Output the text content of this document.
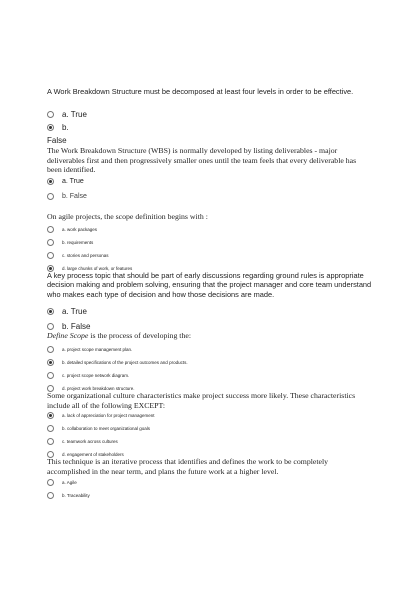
A Work Breakdown Structure must be decomposed at least four levels in order to be effective.
a. True
b.
False
The Work Breakdown Structure (WBS) is normally developed by listing deliverables - major deliverables first and then progressively smaller ones until the team feels that every deliverable has been identified.
a. True
b. False
On agile projects, the scope definition begins with :
a. work packages
b. requirements
c. stories and personas
d. large chunks of work, or features
A key process topic that should be part of early discussions regarding ground rules is appropriate decision making and problem solving, ensuring that the project manager and core team understand who makes each type of decision and how those decisions are made.
a. True
b. False
Define Scope is the process of developing the:
a. project scope management plan.
b. detailed specifications of the project outcomes and products.
c. project scope network diagram.
d. project work breakdown structure.
Some organizational culture characteristics make project success more likely. These characteristics include all of the following EXCEPT:
a. lack of appreciation for project management
b. collaboration to meet organizational goals
c. teamwork across cultures
d. engagement of stakeholders
This technique is an iterative process that identifies and defines the work to be completely accomplished in the near term, and plans the future work at a higher level.
a. Agile
b. Traceability
